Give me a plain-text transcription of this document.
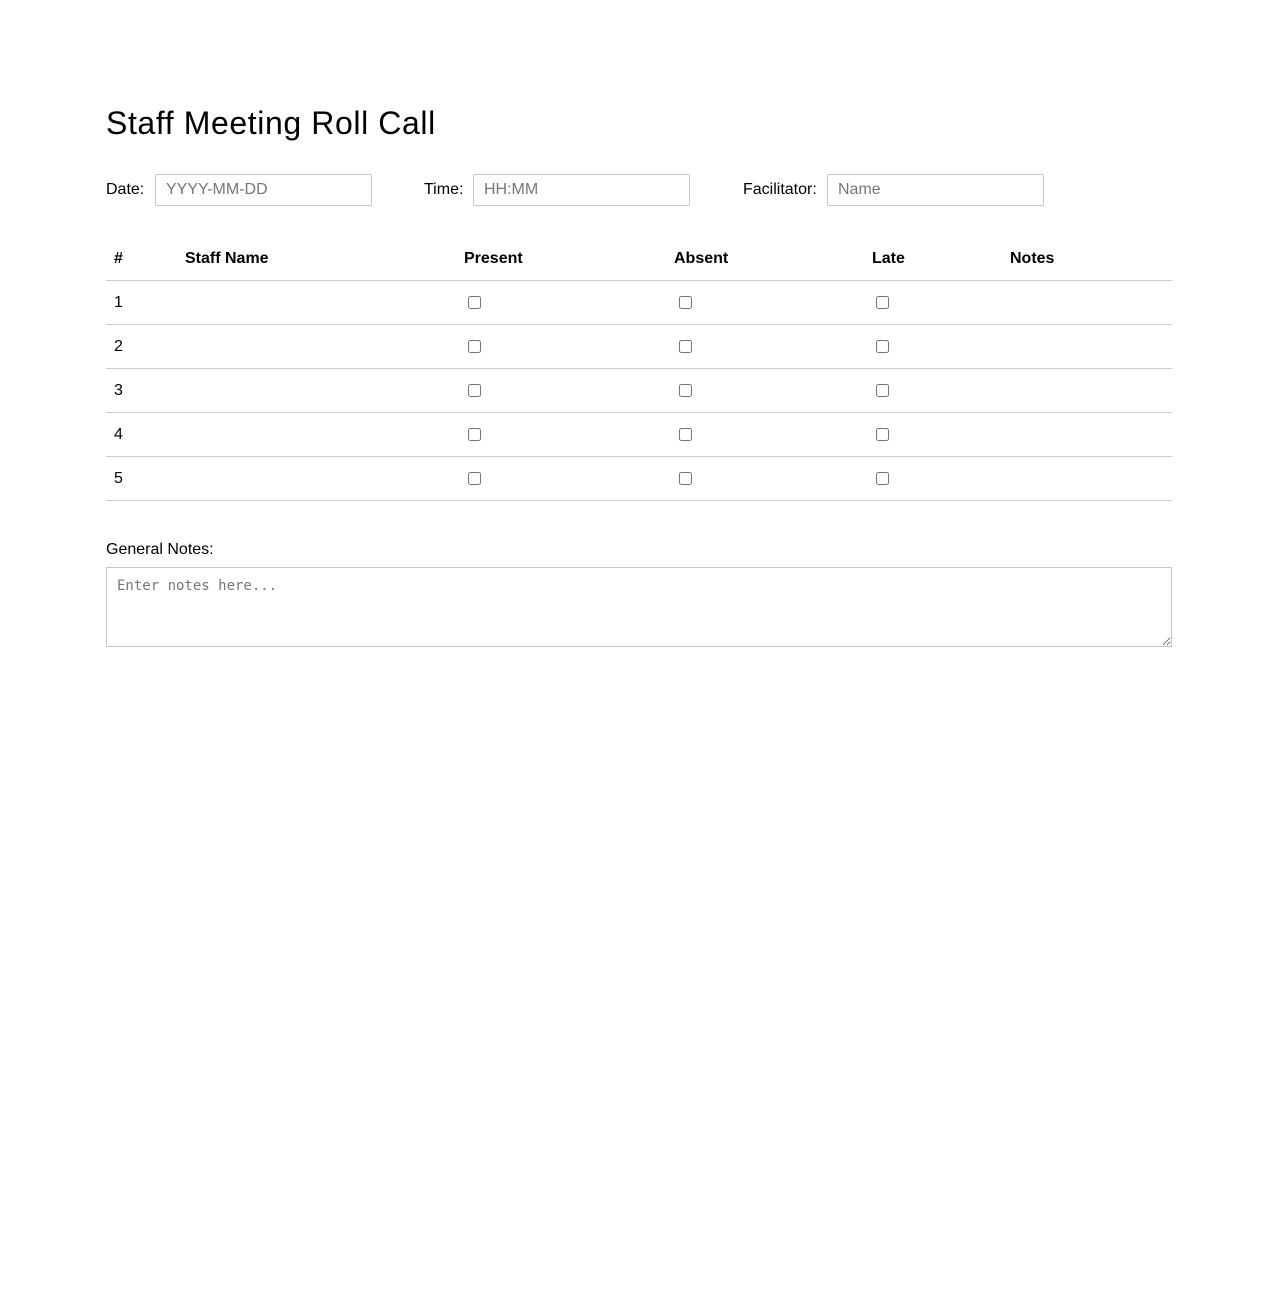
Staff Meeting Roll Call
Date:
YYYY-MM-DD	Time:
HH:MM	Facilitator:
Name
#	Staff Name	Present	Absent	Late	Notes
1					
2					
3					
4					
5					
General Notes:
Enter notes here...
